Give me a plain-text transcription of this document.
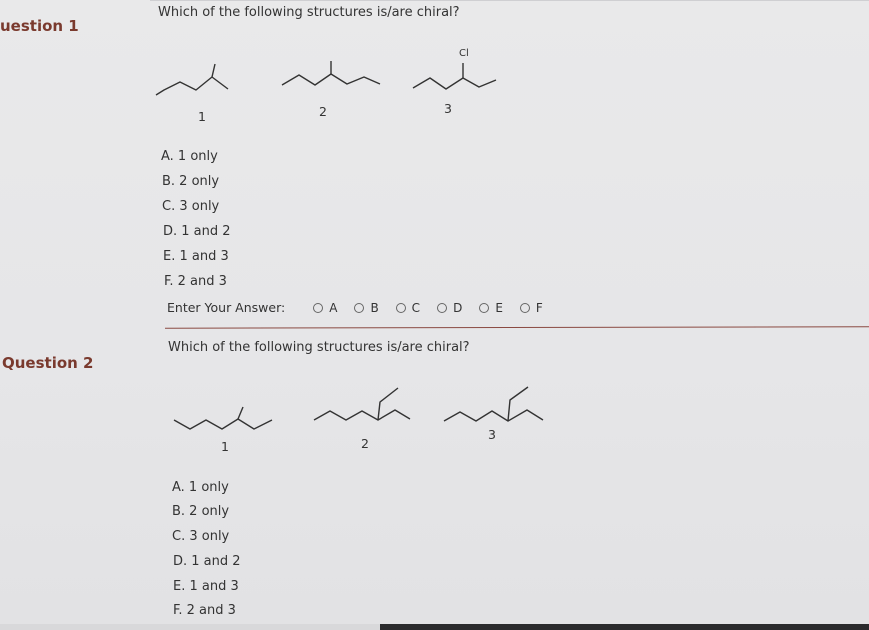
uestion 1
Which of the following structures is/are chiral?
Cl
1	2	3
A. 1 only
B. 2 only
C. 3 only
D. 1 and 2
E. 1 and 3
F. 2 and 3
Enter Your Answer:	A	B	C	D	E	F
Question 2
Which of the following structures is/are chiral?
1	2
3
A. 1 only
B. 2 only
C. 3 only
D. 1 and 2
E. 1 and 3
F. 2 and 3
